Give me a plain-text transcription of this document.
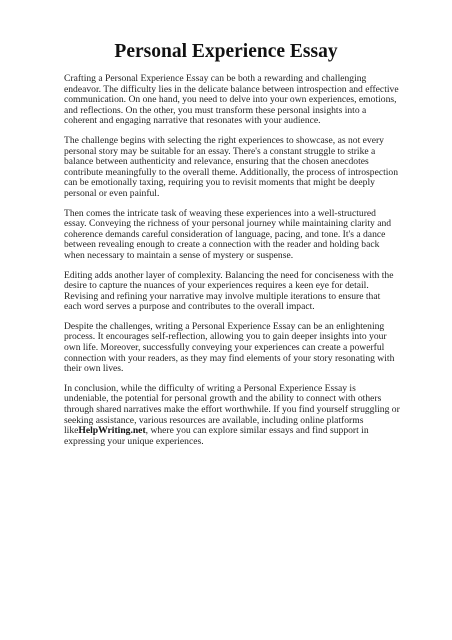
Personal Experience Essay

Crafting a Personal Experience Essay can be both a rewarding and challenging endeavor. The difficulty lies in the delicate balance between introspection and effective communication. On one hand, you need to delve into your own experiences, emotions, and reflections. On the other, you must transform these personal insights into a coherent and engaging narrative that resonates with your audience.

The challenge begins with selecting the right experiences to showcase, as not every personal story may be suitable for an essay. There's a constant struggle to strike a balance between authenticity and relevance, ensuring that the chosen anecdotes contribute meaningfully to the overall theme. Additionally, the process of introspection can be emotionally taxing, requiring you to revisit moments that might be deeply personal or even painful.

Then comes the intricate task of weaving these experiences into a well-structured essay. Conveying the richness of your personal journey while maintaining clarity and coherence demands careful consideration of language, pacing, and tone. It's a dance between revealing enough to create a connection with the reader and holding back when necessary to maintain a sense of mystery or suspense.

Editing adds another layer of complexity. Balancing the need for conciseness with the desire to capture the nuances of your experiences requires a keen eye for detail. Revising and refining your narrative may involve multiple iterations to ensure that each word serves a purpose and contributes to the overall impact.

Despite the challenges, writing a Personal Experience Essay can be an enlightening process. It encourages self-reflection, allowing you to gain deeper insights into your own life. Moreover, successfully conveying your experiences can create a powerful connection with your readers, as they may find elements of your story resonating with their own lives.

In conclusion, while the difficulty of writing a Personal Experience Essay is undeniable, the potential for personal growth and the ability to connect with others through shared narratives make the effort worthwhile. If you find yourself struggling or seeking assistance, various resources are available, including online platforms likeHelpWriting.net, where you can explore similar essays and find support in expressing your unique experiences.
